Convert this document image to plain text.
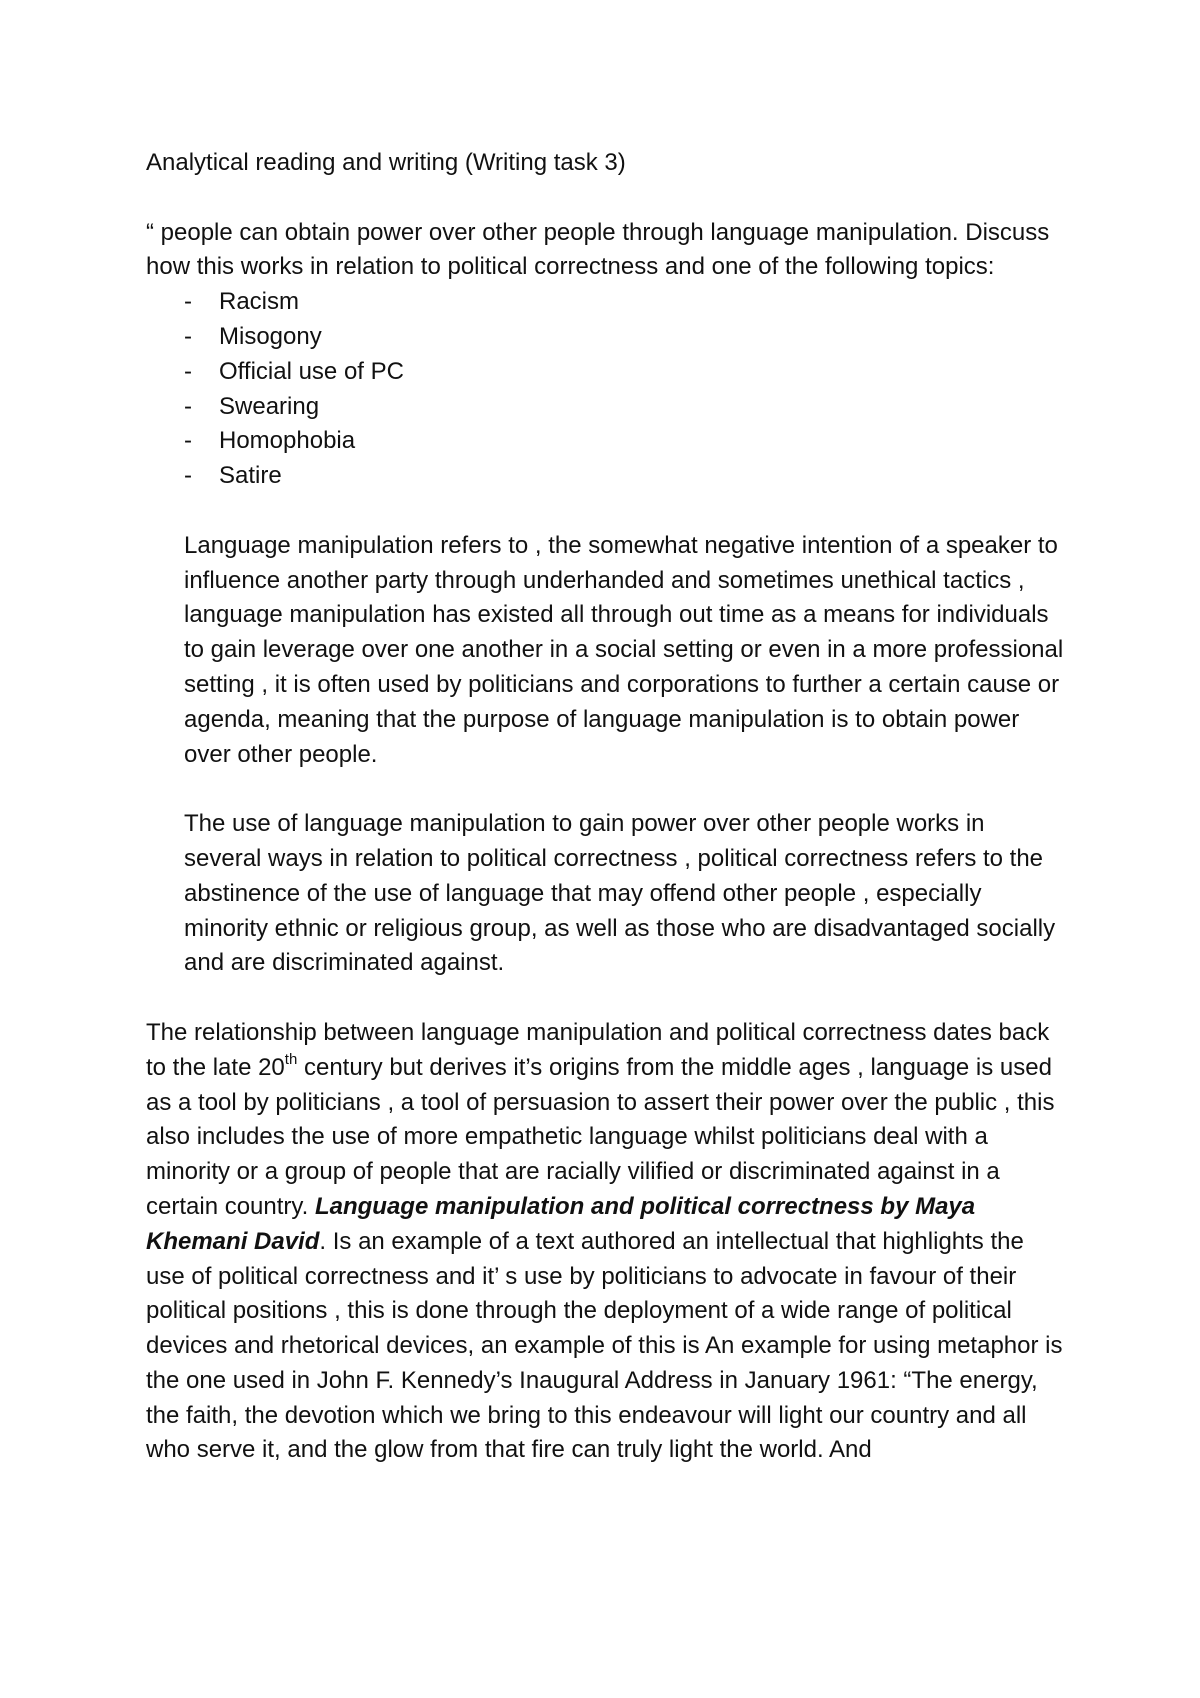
Analytical reading and writing (Writing task 3)

“ people can obtain power over other people through language manipulation. Discuss how this works in relation to political correctness and one of the following topics:

- Racism
- Misogony
- Official use of PC
- Swearing
- Homophobia
- Satire

Language manipulation refers to , the somewhat negative intention of a speaker to influence another party through underhanded and sometimes unethical tactics , language manipulation has existed all through out time as a means for individuals to gain leverage over one another in a social setting or even in a more professional setting , it is often used by politicians and corporations to further a certain cause or agenda, meaning that the purpose of language manipulation is to obtain power over other people.

The use of language manipulation to gain power over other people works in several ways in relation to political correctness , political correctness refers to the abstinence of the use of language that may offend other people , especially minority ethnic or religious group, as well as those who are disadvantaged socially and are discriminated against.

The relationship between language manipulation and political correctness dates back to the late 20th century but derives it’s origins from the middle ages , language is used as a tool by politicians , a tool of persuasion to assert their power over the public , this also includes the use of more empathetic language whilst politicians deal with a minority or a group of people that are racially vilified or discriminated against in a certain country. Language manipulation and political correctness by Maya Khemani David. Is an example of a text authored an intellectual that highlights the use of political correctness and it’ s use by politicians to advocate in favour of their political positions , this is done through the deployment of a wide range of political devices and rhetorical devices, an example of this is An example for using metaphor is the one used in John F. Kennedy’s Inaugural Address in January 1961: “The energy, the faith, the devotion which we bring to this endeavour will light our country and all who serve it, and the glow from that fire can truly light the world. And
